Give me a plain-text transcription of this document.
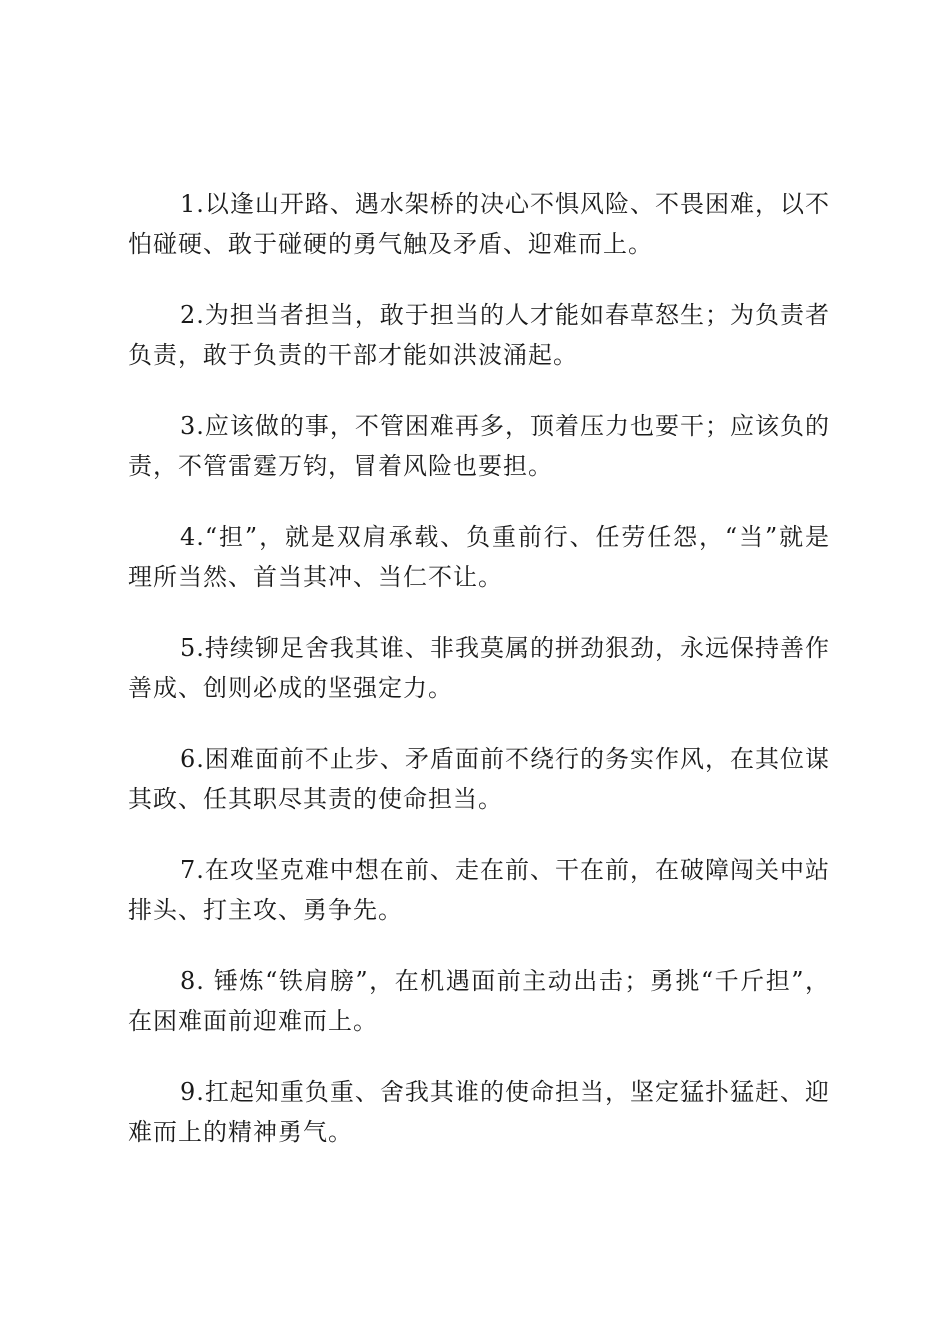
1.以逢山开路、遇水架桥的决心不惧风险、不畏困难，以不怕碰硬、敢于碰硬的勇气触及矛盾、迎难而上。

2.为担当者担当，敢于担当的人才能如春草怒生；为负责者负责，敢于负责的干部才能如洪波涌起。

3.应该做的事，不管困难再多，顶着压力也要干；应该负的责，不管雷霆万钧，冒着风险也要担。

4.“担”，就是双肩承载、负重前行、任劳任怨，“当”就是理所当然、首当其冲、当仁不让。

5.持续铆足舍我其谁、非我莫属的拼劲狠劲，永远保持善作善成、创则必成的坚强定力。

6.困难面前不止步、矛盾面前不绕行的务实作风，在其位谋其政、任其职尽其责的使命担当。

7.在攻坚克难中想在前、走在前、干在前，在破障闯关中站排头、打主攻、勇争先。

8. 锤炼“铁肩膀”，在机遇面前主动出击；勇挑“千斤担”，在困难面前迎难而上。

9.扛起知重负重、舍我其谁的使命担当，坚定猛扑猛赶、迎难而上的精神勇气。
